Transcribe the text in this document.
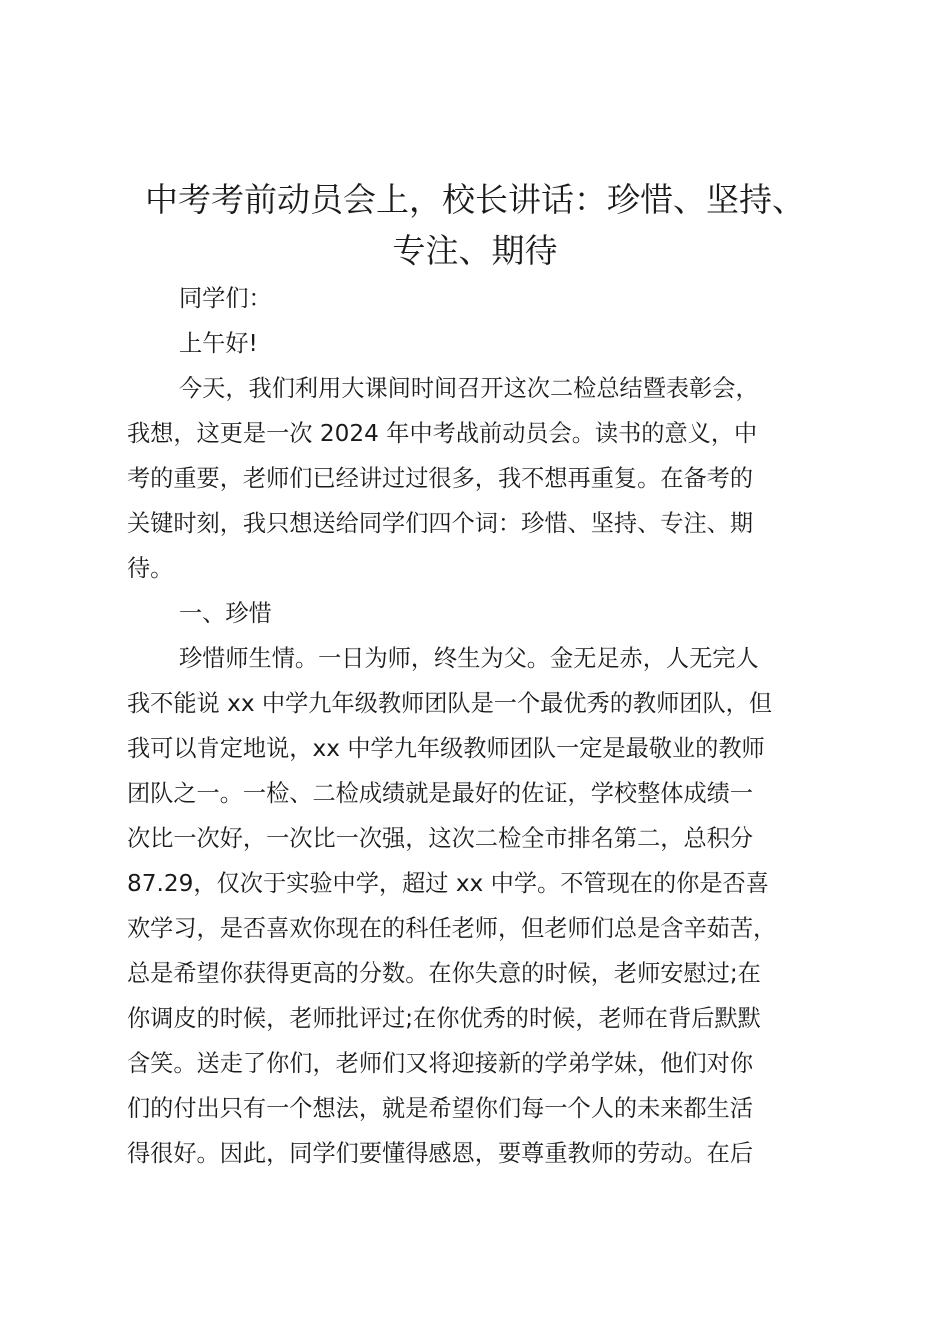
中考考前动员会上，校长讲话：珍惜、坚持、
专注、期待
同学们：
上午好!
今天，我们利用大课间时间召开这次二检总结暨表彰会，
我想，这更是一次 2024 年中考战前动员会。读书的意义，中
考的重要，老师们已经讲过过很多，我不想再重复。在备考的
关键时刻，我只想送给同学们四个词：珍惜、坚持、专注、期
待。
一、珍惜
珍惜师生情。一日为师，终生为父。金无足赤，人无完人
我不能说 xx 中学九年级教师团队是一个最优秀的教师团队，但
我可以肯定地说，xx 中学九年级教师团队一定是最敬业的教师
团队之一。一检、二检成绩就是最好的佐证，学校整体成绩一
次比一次好，一次比一次强，这次二检全市排名第二，总积分
87.29，仅次于实验中学，超过 xx 中学。不管现在的你是否喜
欢学习，是否喜欢你现在的科任老师，但老师们总是含辛茹苦，
总是希望你获得更高的分数。在你失意的时候，老师安慰过;在
你调皮的时候，老师批评过;在你优秀的时候，老师在背后默默
含笑。送走了你们，老师们又将迎接新的学弟学妹，他们对你
们的付出只有一个想法，就是希望你们每一个人的未来都生活
得很好。因此，同学们要懂得感恩，要尊重教师的劳动。在后
